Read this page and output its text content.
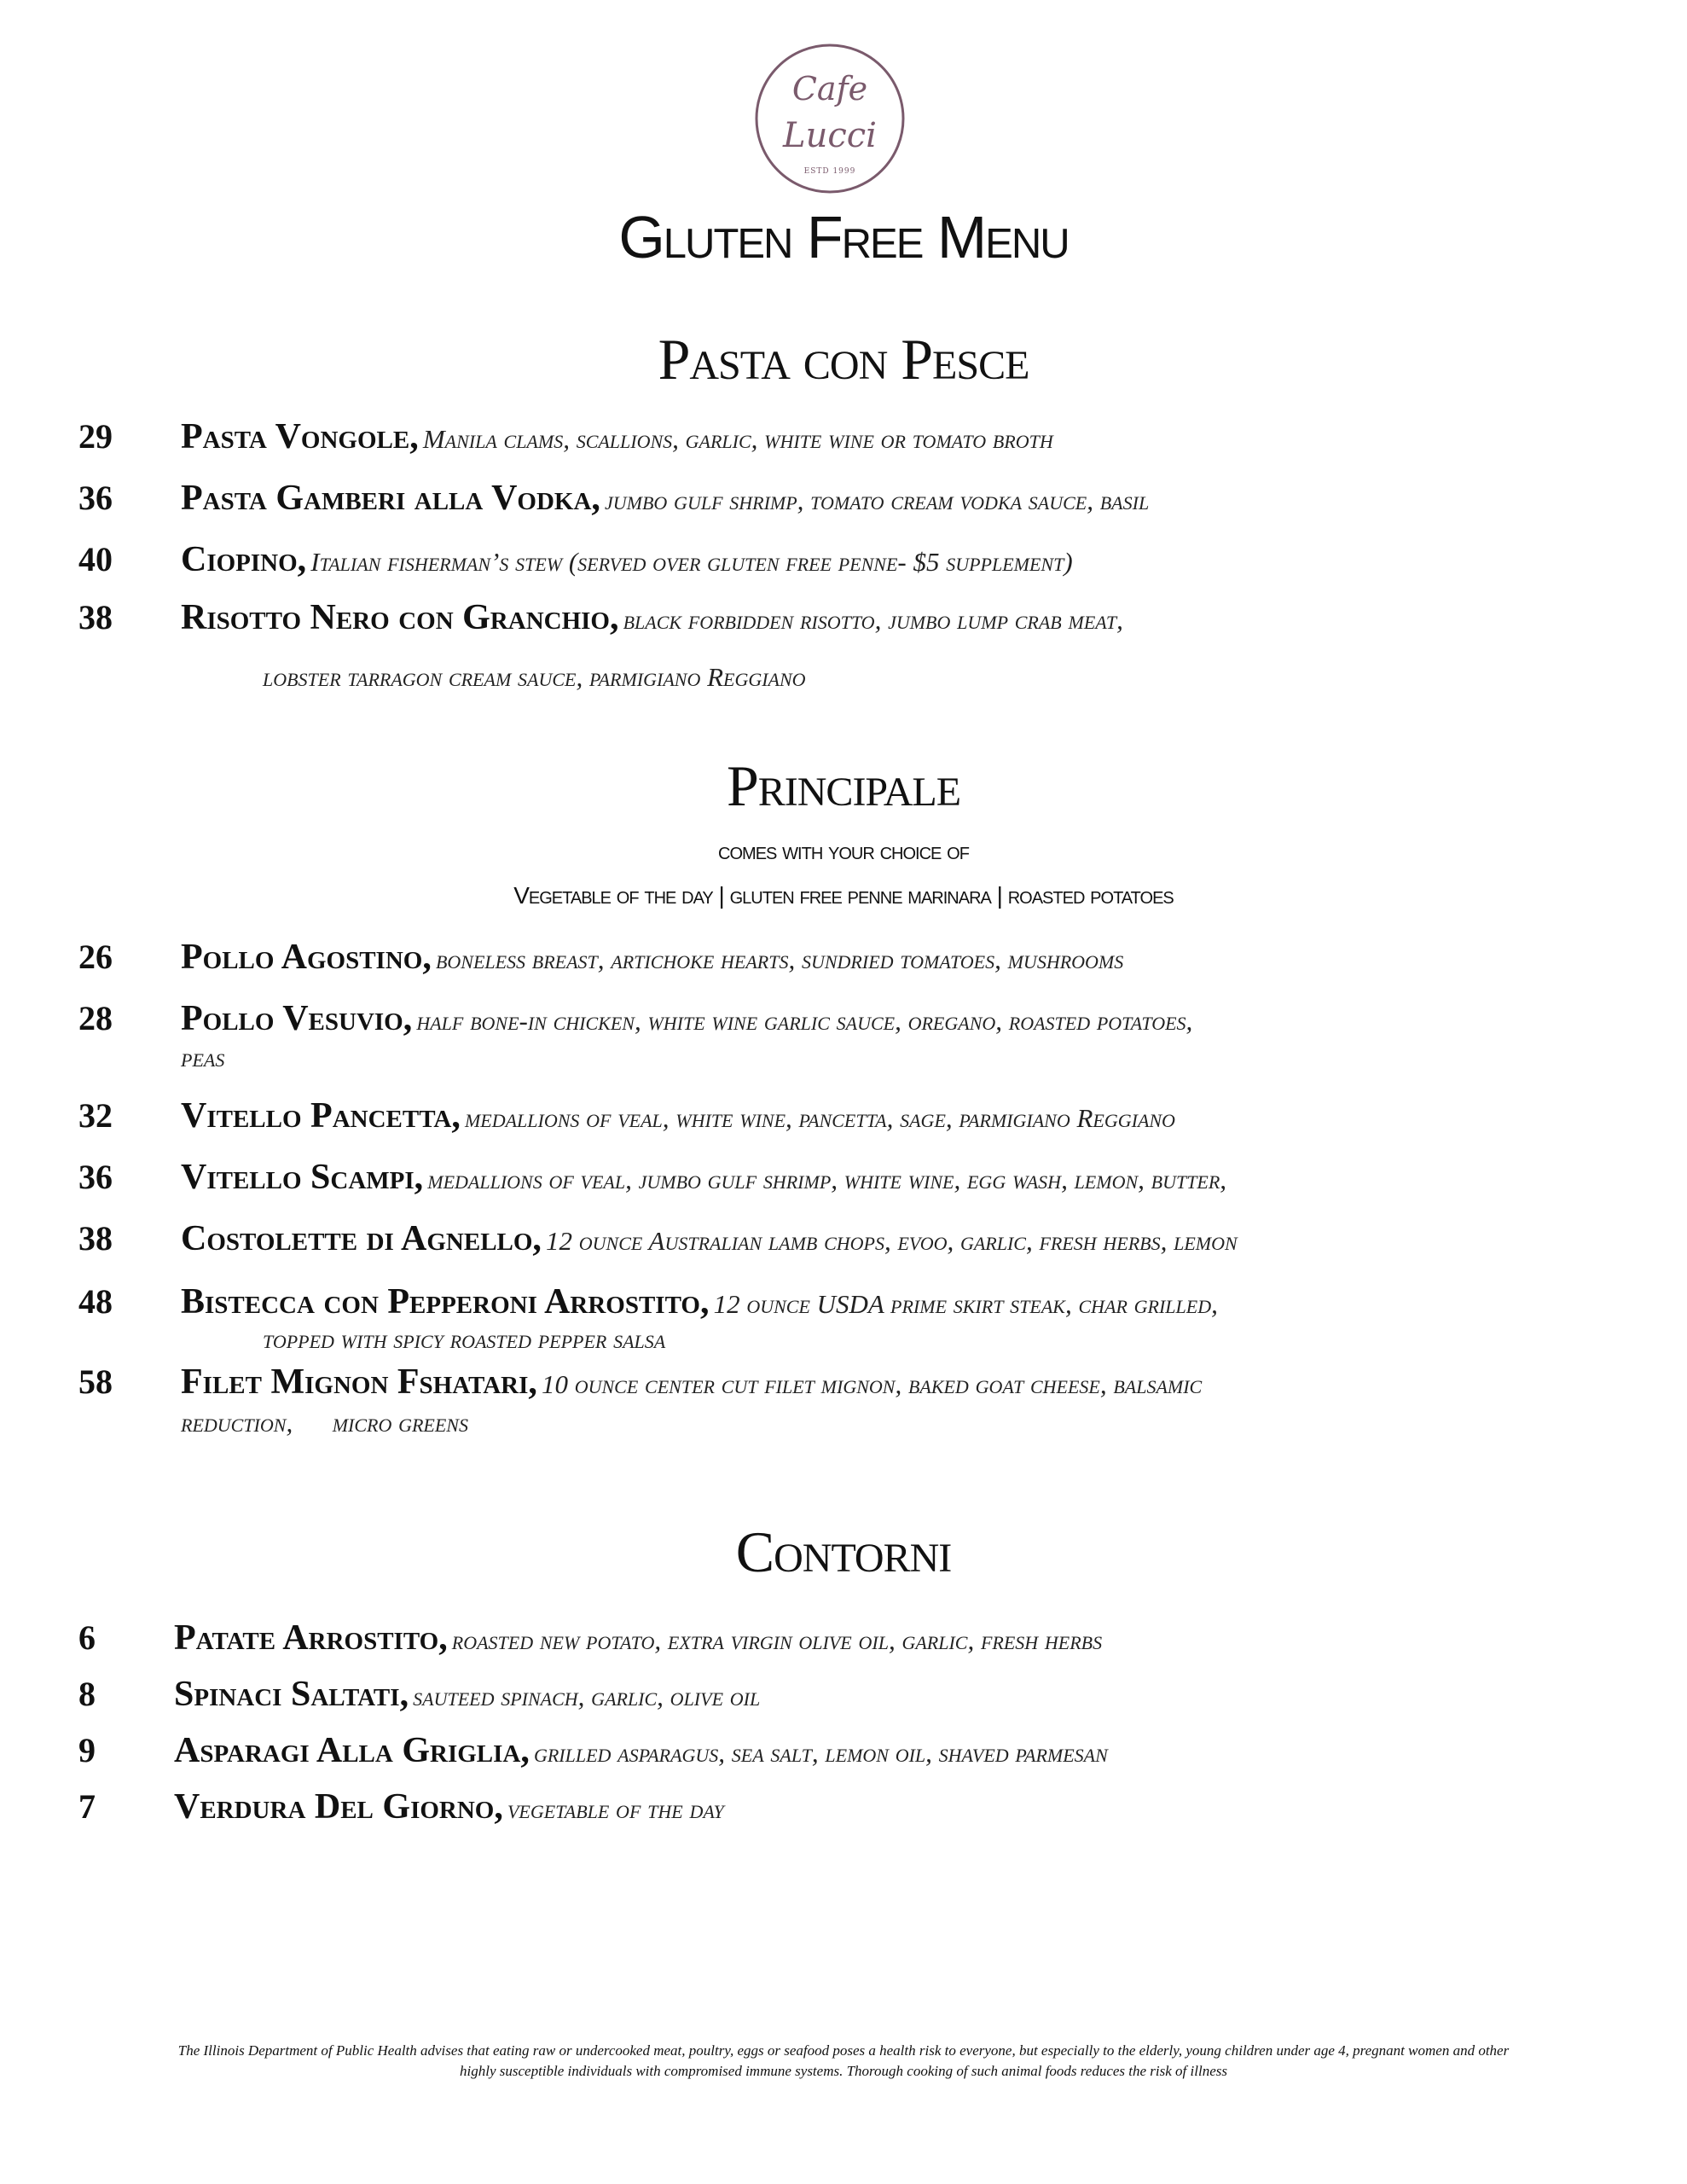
Cafe
Lucci
ESTD 1999
Gluten Free Menu
Pasta con Pesce
29 Pasta Vongole, Manila clams, scallions, garlic, white wine or tomato broth
36 Pasta Gamberi alla Vodka, jumbo gulf shrimp, tomato cream vodka sauce, basil
40 Ciopino, Italian fisherman’s stew (served over gluten free penne- $5 supplement)
38 Risotto Nero con Granchio, black forbidden risotto, jumbo lump crab meat,
lobster tarragon cream sauce, parmigiano Reggiano
Principale
comes with your choice of
Vegetable of the day | gluten free penne marinara | roasted potatoes
26 Pollo Agostino, boneless breast, artichoke hearts, sundried tomatoes, mushrooms
28 Pollo Vesuvio, half bone-in chicken, white wine garlic sauce, oregano, roasted potatoes,
peas
32 Vitello Pancetta, medallions of veal, white wine, pancetta, sage, parmigiano Reggiano
36 Vitello Scampi, medallions of veal, jumbo gulf shrimp, white wine, egg wash, lemon, butter,
38 Costolette di Agnello, 12 ounce Australian lamb chops, evoo, garlic, fresh herbs, lemon
48 Bistecca con Pepperoni Arrostito, 12 ounce USDA prime skirt steak, char grilled,
topped with spicy roasted pepper salsa
58 Filet Mignon Fshatari, 10 ounce center cut filet mignon, baked goat cheese, balsamic
reduction,      micro greens
Contorni
6 Patate Arrostito, roasted new potato, extra virgin olive oil, garlic, fresh herbs
8 Spinaci Saltati, sauteed spinach, garlic, olive oil
9 Asparagi Alla Griglia, grilled asparagus, sea salt, lemon oil, shaved parmesan
7 Verdura Del Giorno, vegetable of the day
The Illinois Department of Public Health advises that eating raw or undercooked meat, poultry, eggs or seafood poses a health risk to everyone, but especially to the elderly, young children under age 4, pregnant women and other
highly susceptible individuals with compromised immune systems. Thorough cooking of such animal foods reduces the risk of illness
